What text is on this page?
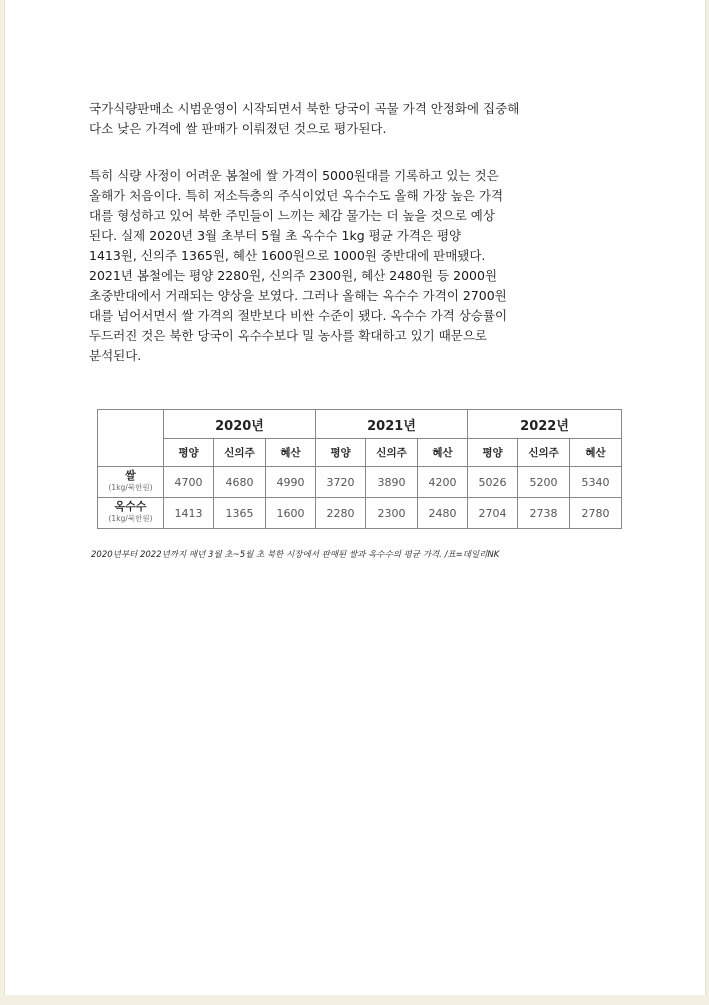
국가식량판매소 시범운영이 시작되면서 북한 당국이 곡물 가격 안정화에 집중해
다소 낮은 가격에 쌀 판매가 이뤄졌던 것으로 평가된다.

특히 식량 사정이 어려운 봄철에 쌀 가격이 5000원대를 기록하고 있는 것은
올해가 처음이다. 특히 저소득층의 주식이었던 옥수수도 올해 가장 높은 가격
대를 형성하고 있어 북한 주민들이 느끼는 체감 물가는 더 높을 것으로 예상
된다. 실제 2020년 3월 초부터 5월 초 옥수수 1kg 평균 가격은 평양
1413원, 신의주 1365원, 혜산 1600원으로 1000원 중반대에 판매됐다.
2021년 봄철에는 평양 2280원, 신의주 2300원, 혜산 2480원 등 2000원
초중반대에서 거래되는 양상을 보였다. 그러나 올해는 옥수수 가격이 2700원
대를 넘어서면서 쌀 가격의 절반보다 비싼 수준이 됐다. 옥수수 가격 상승률이
두드러진 것은 북한 당국이 옥수수보다 밀 농사를 확대하고 있기 때문으로
분석된다.

	2020년			2021년			2022년		
	평양	신의주	혜산	평양	신의주	혜산	평양	신의주	혜산

쌀
(1kg/북한원)	4700	4680	4990	3720	3890	4200	5026	5200	5340

옥수수
(1kg/북한원)	1413	1365	1600	2280	2300	2480	2704	2738	2780
2020년부터 2022년까지 매년 3월 초~5월 초 북한 시장에서 판매된 쌀과 옥수수의 평균 가격. /표=데일리NK
